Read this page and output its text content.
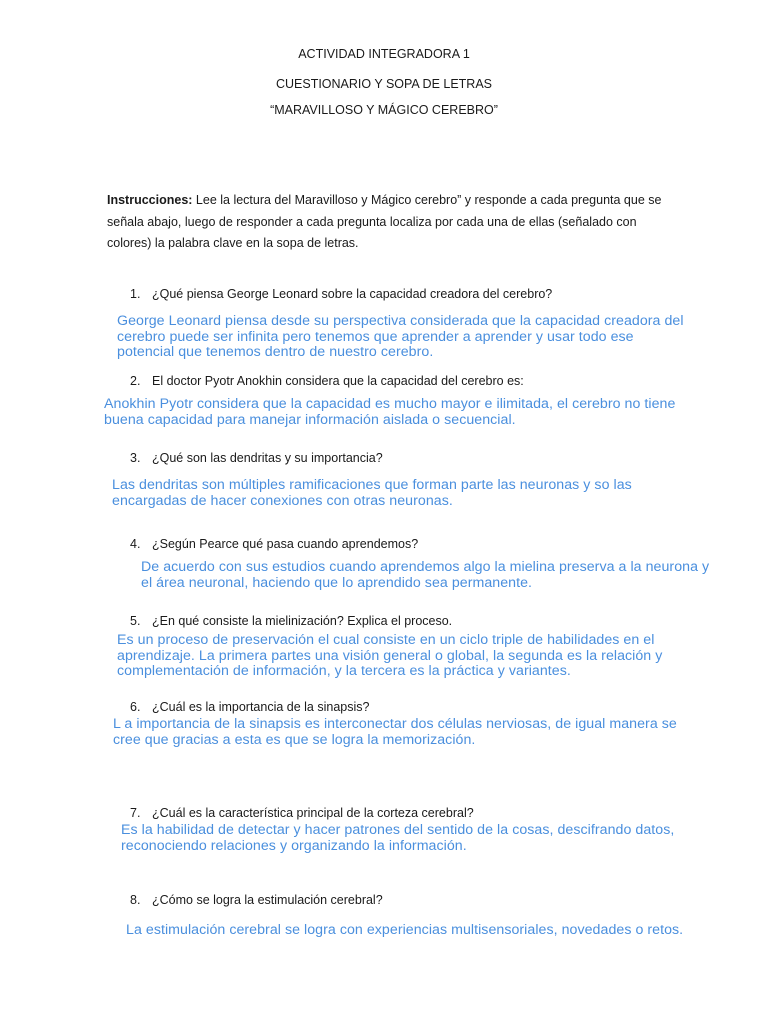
ACTIVIDAD INTEGRADORA 1
CUESTIONARIO Y SOPA DE LETRAS
“MARAVILLOSO Y MÁGICO CEREBRO”
Instrucciones: Lee la lectura del Maravilloso y Mágico cerebro” y responde a cada pregunta que se señala abajo, luego de responder a cada pregunta localiza por cada una de ellas (señalado con colores) la palabra clave en la sopa de letras.
1. ¿Qué piensa George Leonard sobre la capacidad creadora del cerebro?
George Leonard piensa desde su perspectiva considerada que la capacidad creadora del
cerebro puede ser infinita pero tenemos que aprender a aprender y usar todo ese
potencial que tenemos dentro de nuestro cerebro.
2. El doctor Pyotr Anokhin considera que la capacidad del cerebro es:
Anokhin Pyotr considera que la capacidad es mucho mayor e ilimitada, el cerebro no tiene
buena capacidad para manejar información aislada o secuencial.
3. ¿Qué son las dendritas y su importancia?
Las dendritas son múltiples ramificaciones que forman parte las neuronas y so las
encargadas de hacer conexiones con otras neuronas.
4. ¿Según Pearce qué pasa cuando aprendemos?
De acuerdo con sus estudios cuando aprendemos algo la mielina preserva a la neurona y
el área neuronal, haciendo que lo aprendido sea permanente.
5. ¿En qué consiste la mielinización? Explica el proceso.
Es un proceso de preservación el cual consiste en un ciclo triple de habilidades en el
aprendizaje. La primera partes una visión general o global, la segunda es la relación y
complementación de información, y la tercera es la práctica y variantes.
6. ¿Cuál es la importancia de la sinapsis?
L a importancia de la sinapsis es interconectar dos células nerviosas, de igual manera se
cree que gracias a esta es que se logra la memorización.
7. ¿Cuál es la característica principal de la corteza cerebral?
Es la habilidad de detectar y hacer patrones del sentido de la cosas, descifrando datos,
reconociendo relaciones y organizando la información.
8. ¿Cómo se logra la estimulación cerebral?
La estimulación cerebral se logra con experiencias multisensoriales, novedades o retos.
